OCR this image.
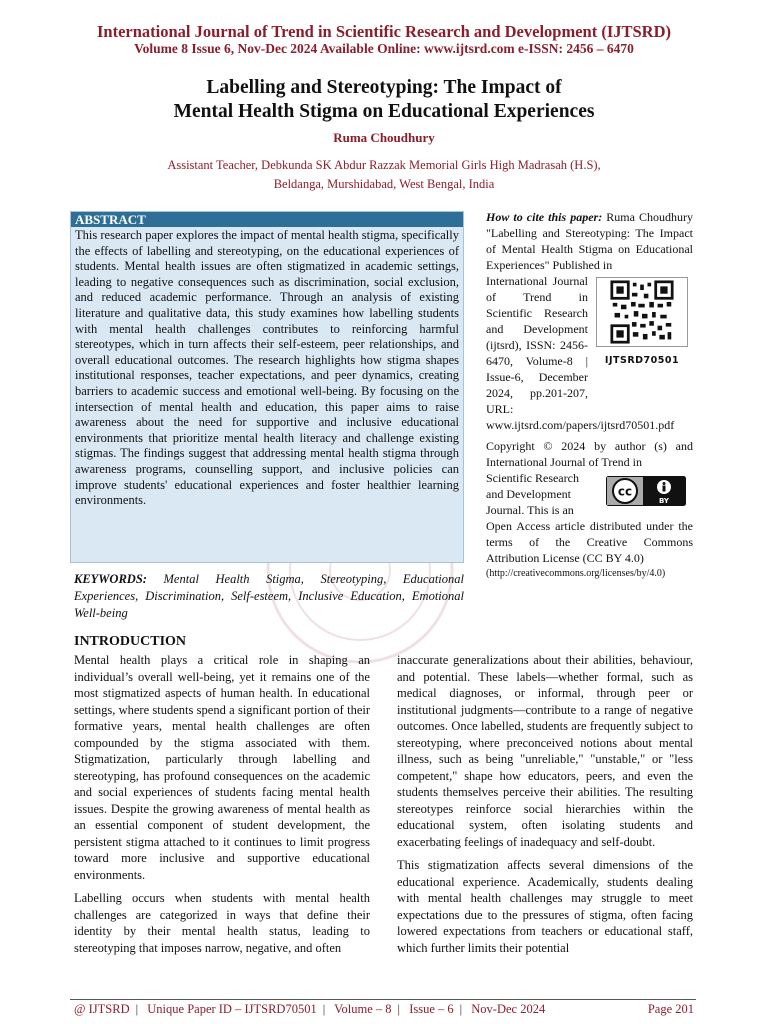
International Journal of Trend in Scientific Research and Development (IJTSRD)
Volume 8 Issue 6, Nov-Dec 2024 Available Online: www.ijtsrd.com e-ISSN: 2456 – 6470
Labelling and Stereotyping: The Impact of
Mental Health Stigma on Educational Experiences
Ruma Choudhury
Assistant Teacher, Debkunda SK Abdur Razzak Memorial Girls High Madrasah (H.S),
Beldanga, Murshidabad, West Bengal, India
ABSTRACT
This research paper explores the impact of mental health stigma, specifically the effects of labelling and stereotyping, on the educational experiences of students. Mental health issues are often stigmatized in academic settings, leading to negative consequences such as discrimination, social exclusion, and reduced academic performance. Through an analysis of existing literature and qualitative data, this study examines how labelling students with mental health challenges contributes to reinforcing harmful stereotypes, which in turn affects their self-esteem, peer relationships, and overall educational outcomes. The research highlights how stigma shapes institutional responses, teacher expectations, and peer dynamics, creating barriers to academic success and emotional well-being. By focusing on the intersection of mental health and education, this paper aims to raise awareness about the need for supportive and inclusive educational environments that prioritize mental health literacy and challenge existing stigmas. The findings suggest that addressing mental health stigma through awareness programs, counselling support, and inclusive policies can improve students' educational experiences and foster healthier learning environments.
KEYWORDS: Mental Health Stigma, Stereotyping, Educational Experiences, Discrimination, Self-esteem, Inclusive Education, Emotional Well-being
How to cite this paper: Ruma Choudhury "Labelling and Stereotyping: The Impact of Mental Health Stigma on Educational Experiences" Published in
International Journal of Trend in Scientific Research and Development (ijtsrd), ISSN: 2456-6470, Volume-8 | Issue-6, December 2024, pp.201-207, URL:
IJTSRD70501
www.ijtsrd.com/papers/ijtsrd70501.pdf
Copyright © 2024 by author (s) and International Journal of Trend in
Scientific Research and Development Journal. This is an
cc
BY
Open Access article distributed under the terms of the Creative Commons Attribution License (CC BY 4.0)
(http://creativecommons.org/licenses/by/4.0)
INTRODUCTION

Mental health plays a critical role in shaping an individual’s overall well-being, yet it remains one of the most stigmatized aspects of human health. In educational settings, where students spend a significant portion of their formative years, mental health challenges are often compounded by the stigma associated with them. Stigmatization, particularly through labelling and stereotyping, has profound consequences on the academic and social experiences of students facing mental health issues. Despite the growing awareness of mental health as an essential component of student development, the persistent stigma attached to it continues to limit progress toward more inclusive and supportive educational environments.

Labelling occurs when students with mental health challenges are categorized in ways that define their identity by their mental health status, leading to stereotyping that imposes narrow, negative, and often

inaccurate generalizations about their abilities, behaviour, and potential. These labels—whether formal, such as medical diagnoses, or informal, through peer or institutional judgments—contribute to a range of negative outcomes. Once labelled, students are frequently subject to stereotyping, where preconceived notions about mental illness, such as being "unreliable," "unstable," or "less competent," shape how educators, peers, and even the students themselves perceive their abilities. The resulting stereotypes reinforce social hierarchies within the educational system, often isolating students and exacerbating feelings of inadequacy and self-doubt.

This stigmatization affects several dimensions of the educational experience. Academically, students dealing with mental health challenges may struggle to meet expectations due to the pressures of stigma, often facing lowered expectations from teachers or educational staff, which further limits their potential

@ IJTSRD | Unique Paper ID – IJTSRD70501 | Volume – 8 | Issue – 6 | Nov-Dec 2024	Page 201
